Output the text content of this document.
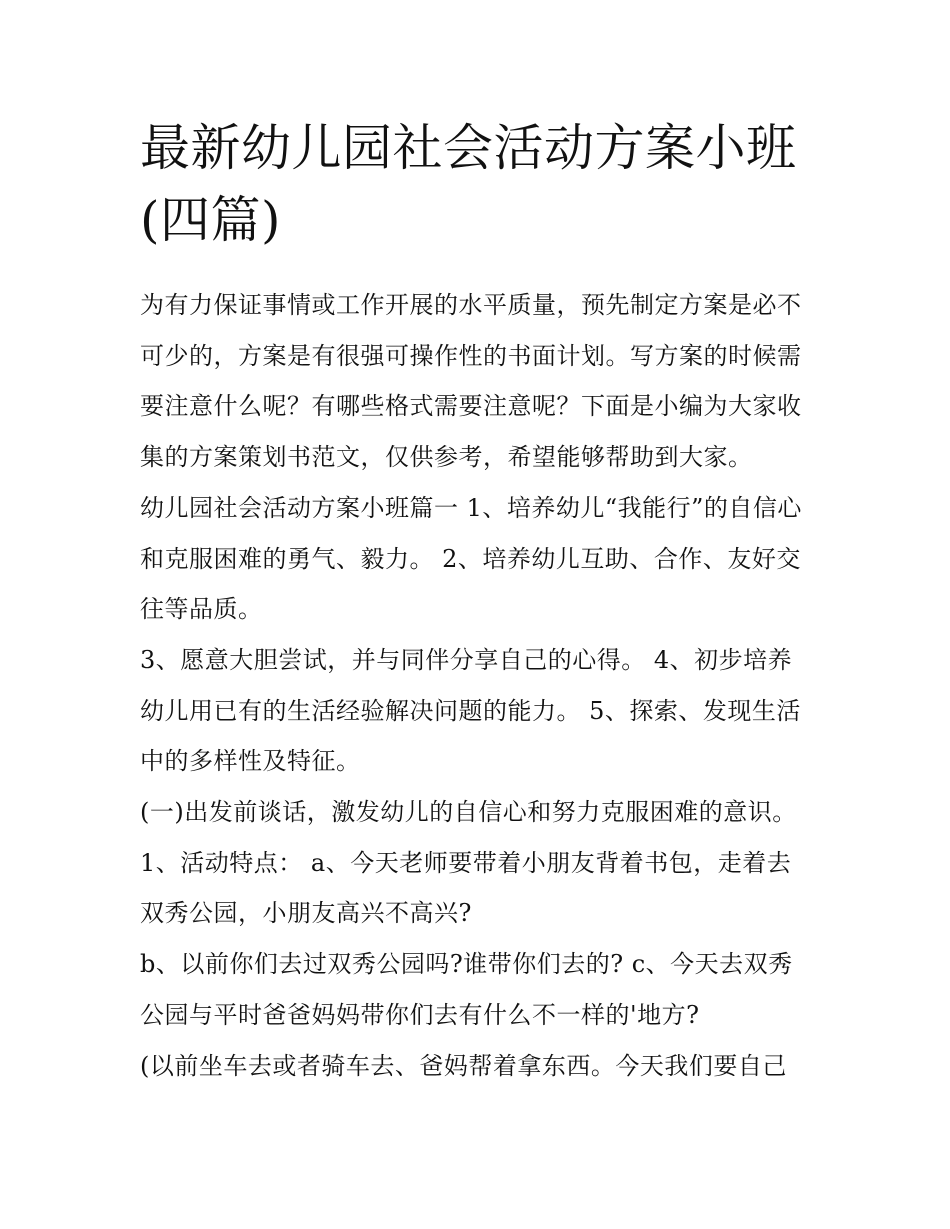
最新幼儿园社会活动方案小班
(四篇)

为有力保证事情或工作开展的水平质量，预先制定方案是必不
可少的，方案是有很强可操作性的书面计划。写方案的时候需
要注意什么呢？有哪些格式需要注意呢？下面是小编为大家收
集的方案策划书范文，仅供参考，希望能够帮助到大家。

幼儿园社会活动方案小班篇一 1、培养幼儿“我能行”的自信心
和克服困难的勇气、毅力。 2、培养幼儿互助、合作、友好交
往等品质。

3、愿意大胆尝试，并与同伴分享自己的心得。 4、初步培养
幼儿用已有的生活经验解决问题的能力。 5、探索、发现生活
中的多样性及特征。

(一)出发前谈话，激发幼儿的自信心和努力克服困难的意识。

1、活动特点： a、今天老师要带着小朋友背着书包，走着去
双秀公园，小朋友高兴不高兴?

b、以前你们去过双秀公园吗?谁带你们去的? c、今天去双秀
公园与平时爸爸妈妈带你们去有什么不一样的'地方?

(以前坐车去或者骑车去、爸妈帮着拿东西。今天我们要自己
